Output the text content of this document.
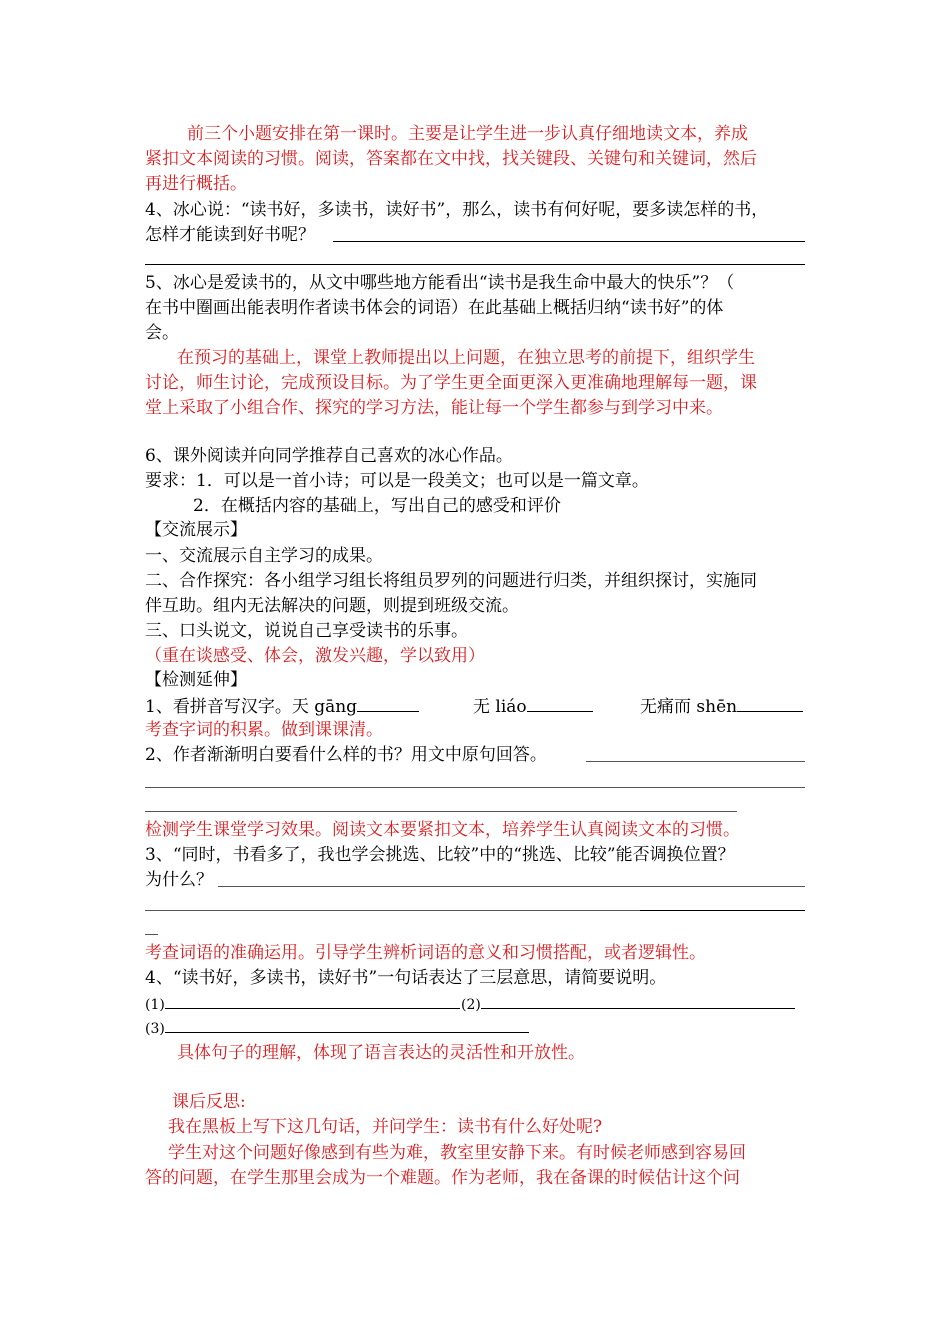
前三个小题安排在第一课时。主要是让学生进一步认真仔细地读文本，养成
紧扣文本阅读的习惯。阅读，答案都在文中找，找关键段、关键句和关键词，然后
再进行概括。
4、冰心说：“读书好，多读书，读好书”，那么，读书有何好呢，要多读怎样的书，
怎样才能读到好书呢？
5、冰心是爱读书的，从文中哪些地方能看出“读书是我生命中最大的快乐”？（
在书中圈画出能表明作者读书体会的词语）在此基础上概括归纳“读书好”的体
会。
在预习的基础上，课堂上教师提出以上问题，在独立思考的前提下，组织学生
讨论，师生讨论，完成预设目标。为了学生更全面更深入更准确地理解每一题，课
堂上采取了小组合作、探究的学习方法，能让每一个学生都参与到学习中来。
6、课外阅读并向同学推荐自己喜欢的冰心作品。
要求：1．可以是一首小诗；可以是一段美文；也可以是一篇文章。
2．在概括内容的基础上，写出自己的感受和评价
【交流展示】
一、交流展示自主学习的成果。
二、合作探究：各小组学习组长将组员罗列的问题进行归类，并组织探讨，实施同
伴互助。组内无法解决的问题，则提到班级交流。
三、口头说文，说说自己享受读书的乐事。
（重在谈感受、体会，激发兴趣，学以致用）
【检测延伸】
1、看拼音写汉字。天 gāng	无 liáo	无痛而 shēn
考查字词的积累。做到课课清。
2、作者渐渐明白要看什么样的书？用文中原句回答。
检测学生课堂学习效果。阅读文本要紧扣文本，培养学生认真阅读文本的习惯。
3、“同时，书看多了，我也学会挑选、比较”中的“挑选、比较”能否调换位置？
为什么？
考查词语的准确运用。引导学生辨析词语的意义和习惯搭配，或者逻辑性。
4、“读书好，多读书，读好书”一句话表达了三层意思，请简要说明。
(1)	(2)
(3)
具体句子的理解，体现了语言表达的灵活性和开放性。
课后反思:
我在黑板上写下这几句话，并问学生：读书有什么好处呢?
学生对这个问题好像感到有些为难，教室里安静下来。有时候老师感到容易回
答的问题，在学生那里会成为一个难题。作为老师，我在备课的时候估计这个问
